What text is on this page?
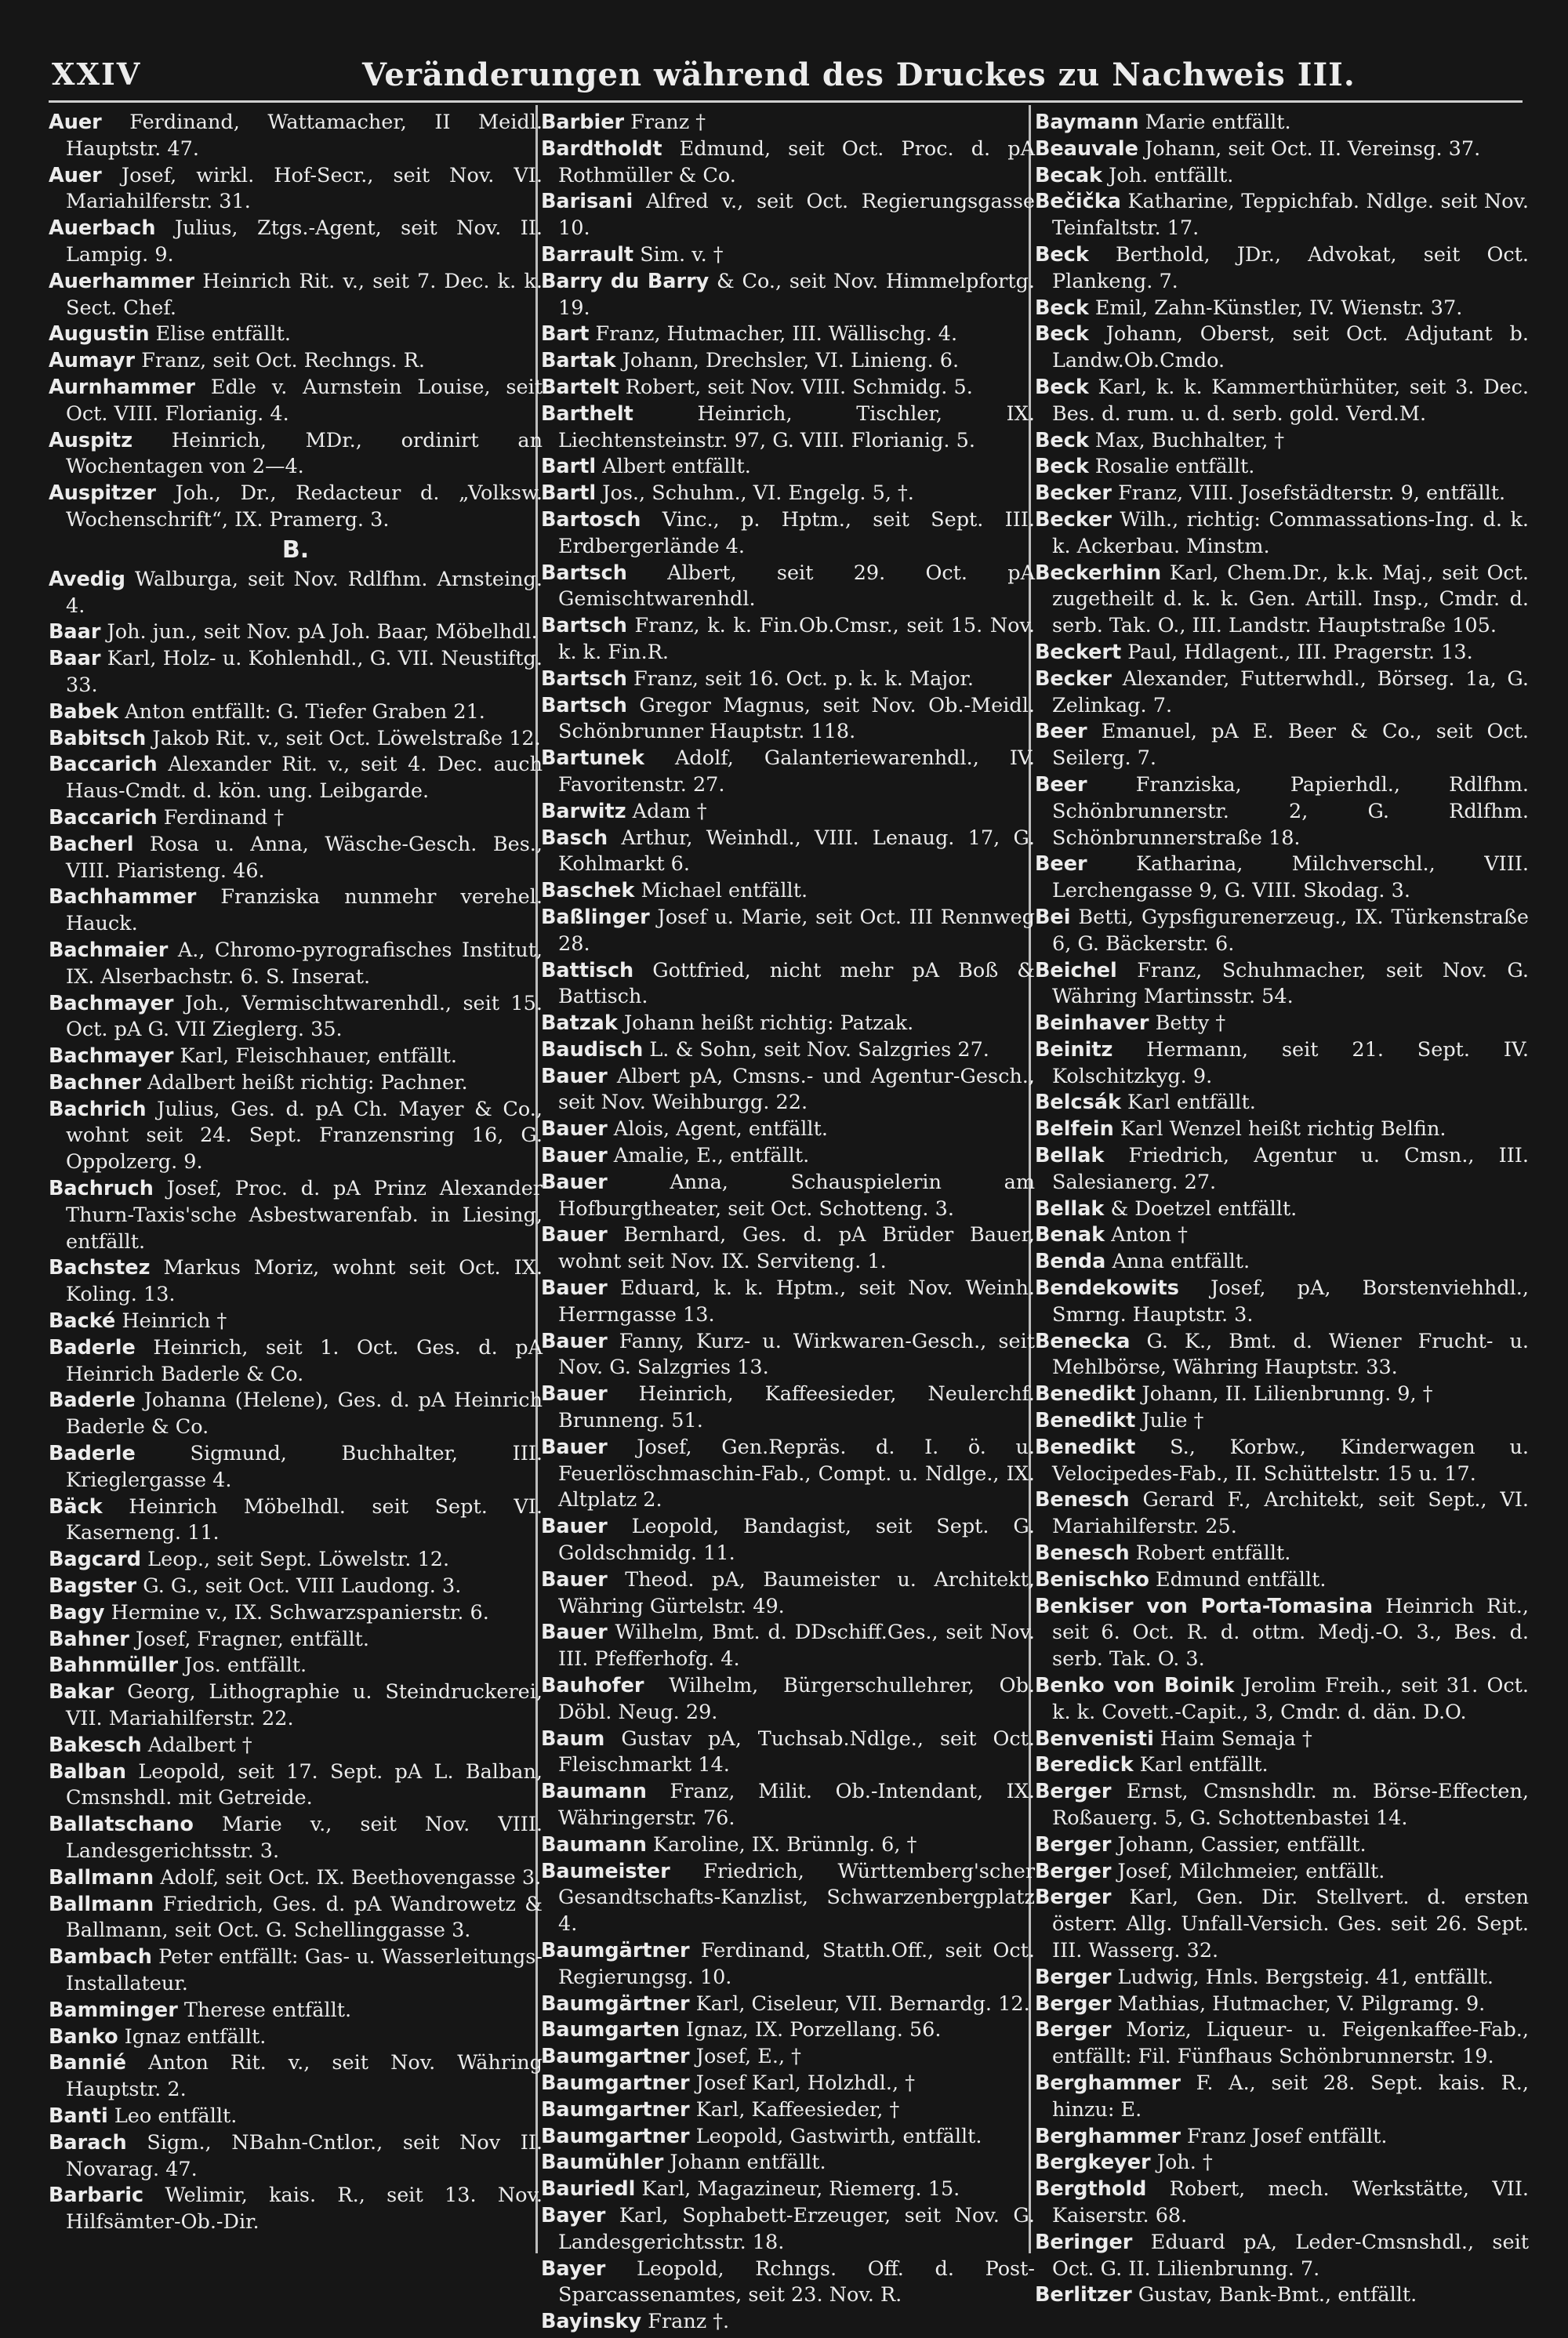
XXIV	Veränderungen während des Druckes zu Nachweis III.

Auer Ferdinand, Wattamacher, II Meidl. Hauptstr. 47.

Auer Josef, wirkl. Hof-Secr., seit Nov. VI. Mariahilferstr. 31.

Auerbach Julius, Ztgs.-Agent, seit Nov. II. Lampig. 9.

Auerhammer Heinrich Rit. v., seit 7. Dec. k. k. Sect. Chef.

Augustin Elise entfällt.

Aumayr Franz, seit Oct. Rechngs. R.

Aurnhammer Edle v. Aurnstein Louise, seit Oct. VIII. Florianig. 4.

Auspitz Heinrich, MDr., ordinirt an Wochentagen von 2—4.

Auspitzer Joh., Dr., Redacteur d. „Volksw. Wochenschrift“, IX. Pramerg. 3.

B.

Avedig Walburga, seit Nov. Rdlfhm. Arnsteing. 4.

Baar Joh. jun., seit Nov. pA Joh. Baar, Möbelhdl.

Baar Karl, Holz- u. Kohlenhdl., G. VII. Neustiftg. 33.

Babek Anton entfällt: G. Tiefer Graben 21.

Babitsch Jakob Rit. v., seit Oct. Löwelstraße 12.

Baccarich Alexander Rit. v., seit 4. Dec. auch Haus-Cmdt. d. kön. ung. Leibgarde.

Baccarich Ferdinand †

Bacherl Rosa u. Anna, Wäsche-Gesch. Bes., VIII. Piaristeng. 46.

Bachhammer Franziska nunmehr verehel. Hauck.

Bachmaier A., Chromo-pyrografisches Institut, IX. Alserbachstr. 6. S. Inserat.

Bachmayer Joh., Vermischtwarenhdl., seit 15. Oct. pA G. VII Zieglerg. 35.

Bachmayer Karl, Fleischhauer, entfällt.

Bachner Adalbert heißt richtig: Pachner.

Bachrich Julius, Ges. d. pA Ch. Mayer & Co., wohnt seit 24. Sept. Franzensring 16, G. Oppolzerg. 9.

Bachruch Josef, Proc. d. pA Prinz Alexander Thurn-Taxis'sche Asbestwarenfab. in Liesing, entfällt.

Bachstez Markus Moriz, wohnt seit Oct. IX. Koling. 13.

Backé Heinrich †

Baderle Heinrich, seit 1. Oct. Ges. d. pA Heinrich Baderle & Co.

Baderle Johanna (Helene), Ges. d. pA Heinrich Baderle & Co.

Baderle	Sigmund, Buchhalter, III. Krieglergasse 4.

Bäck Heinrich Möbelhdl. seit Sept. VI. Kaserneng. 11.

Bagcard Leop., seit Sept. Löwelstr. 12.

Bagster G. G., seit Oct. VIII Laudong. 3.

Bagy Hermine v., IX. Schwarzspanierstr. 6.

Bahner Josef, Fragner, entfällt.

Bahnmüller Jos. entfällt.

Bakar Georg, Lithographie u. Steindruckerei, VII. Mariahilferstr. 22.

Bakesch Adalbert †

Balban Leopold, seit 17. Sept. pA L. Balban, Cmsnshdl. mit Getreide.

Ballatschano Marie v., seit Nov. VIII. Landesgerichtsstr. 3.

Ballmann Adolf, seit Oct. IX. Beethovengasse 3.

Ballmann Friedrich, Ges. d. pA Wandrowetz & Ballmann, seit Oct. G. Schellinggasse 3.

Bambach Peter entfällt: Gas- u. Wasserleitungs-Installateur.

Bamminger Therese entfällt.

Banko Ignaz entfällt.

Bannié Anton Rit. v., seit Nov. Währing Hauptstr. 2.

Banti Leo entfällt.

Barach Sigm., NBahn-Cntlor., seit Nov II. Novarag. 47.

Barbaric Welimir, kais. R., seit 13. Nov. Hilfsämter-Ob.-Dir.

Barbier Franz †

Bardtholdt Edmund, seit Oct. Proc. d. pA Rothmüller & Co.

Barisani Alfred v., seit Oct. Regierungsgasse 10.

Barrault Sim. v. †

Barry du Barry & Co., seit Nov. Himmelpfortg. 19.

Bart Franz, Hutmacher, III. Wällischg. 4.

Bartak Johann, Drechsler, VI. Linieng. 6.

Bartelt Robert, seit Nov. VIII. Schmidg. 5.

Barthelt	Heinrich, Tischler, IX. Liechtensteinstr. 97, G. VIII. Florianig. 5.

Bartl Albert entfällt.

Bartl Jos., Schuhm., VI. Engelg. 5, †.

Bartosch Vinc., p. Hptm., seit Sept. III. Erdbergerlände 4.

Bartsch Albert, seit 29. Oct. pA Gemischtwarenhdl.

Bartsch Franz, k. k. Fin.Ob.Cmsr., seit 15. Nov. k. k. Fin.R.

Bartsch Franz, seit 16. Oct. p. k. k. Major.

Bartsch Gregor Magnus, seit Nov. Ob.-Meidl. Schönbrunner Hauptstr. 118.

Bartunek Adolf, Galanteriewarenhdl., IV. Favoritenstr. 27.

Barwitz Adam †

Basch Arthur, Weinhdl., VIII. Lenaug. 17, G. Kohlmarkt 6.

Baschek Michael entfällt.

Baßlinger Josef u. Marie, seit Oct. III Rennweg 28.

Battisch Gottfried, nicht mehr pA Boß & Battisch.

Batzak Johann heißt richtig: Patzak.

Baudisch L. & Sohn, seit Nov. Salzgries 27.

Bauer Albert pA, Cmsns.- und Agentur-Gesch., seit Nov. Weihburgg. 22.

Bauer Alois, Agent, entfällt.

Bauer Amalie, E., entfällt.

Bauer	Anna, Schauspielerin am Hofburgtheater, seit Oct. Schotteng. 3.

Bauer Bernhard, Ges. d. pA Brüder Bauer, wohnt seit Nov. IX. Serviteng. 1.

Bauer Eduard, k. k. Hptm., seit Nov. Weinh. Herrngasse 13.

Bauer Fanny, Kurz- u. Wirkwaren-Gesch., seit Nov. G. Salzgries 13.

Bauer Heinrich, Kaffeesieder, Neulerchf. Brunneng. 51.

Bauer Josef, Gen.Repräs. d. I. ö. u. Feuerlöschmaschin-Fab., Compt. u. Ndlge., IX. Altplatz 2.

Bauer Leopold, Bandagist, seit Sept. G. Goldschmidg. 11.

Bauer Theod. pA, Baumeister u. Architekt, Währing Gürtelstr. 49.

Bauer Wilhelm, Bmt. d. DDschiff.Ges., seit Nov. III. Pfefferhofg. 4.

Bauhofer Wilhelm, Bürgerschullehrer, Ob. Döbl. Neug. 29.

Baum Gustav pA, Tuchsab.Ndlge., seit Oct. Fleischmarkt 14.

Baumann Franz, Milit. Ob.-Intendant, IX. Währingerstr. 76.

Baumann Karoline, IX. Brünnlg. 6, †

Baumeister Friedrich, Württemberg'scher Gesandtschafts-Kanzlist, Schwarzenbergplatz 4.

Baumgärtner Ferdinand, Statth.Off., seit Oct. Regierungsg. 10.

Baumgärtner Karl, Ciseleur, VII. Bernardg. 12.

Baumgarten Ignaz, IX. Porzellang. 56.

Baumgartner Josef, E., †

Baumgartner Josef Karl, Holzhdl., †

Baumgartner Karl, Kaffeesieder, †

Baumgartner Leopold, Gastwirth, entfällt.

Baumühler Johann entfällt.

Bauriedl Karl, Magazineur, Riemerg. 15.

Bayer Karl, Sophabett-Erzeuger, seit Nov. G. Landesgerichtsstr. 18.

Bayer Leopold, Rchngs. Off. d. Post-Sparcassenamtes, seit 23. Nov. R.

Bayinsky Franz †.

Baymann Marie entfällt.

Beauvale Johann, seit Oct. II. Vereinsg. 37.

Becak Joh. entfällt.

Bečička Katharine, Teppichfab. Ndlge. seit Nov. Teinfaltstr. 17.

Beck Berthold, JDr., Advokat, seit Oct. Plankeng. 7.

Beck Emil, Zahn-Künstler, IV. Wienstr. 37.

Beck Johann, Oberst, seit Oct. Adjutant b. Landw.Ob.Cmdo.

Beck Karl, k. k. Kammerthürhüter, seit 3. Dec. Bes. d. rum. u. d. serb. gold. Verd.M.

Beck Max, Buchhalter, †

Beck Rosalie entfällt.

Becker Franz, VIII. Josefstädterstr. 9, entfällt.

Becker Wilh., richtig: Commassations-Ing. d. k. k. Ackerbau. Minstm.

Beckerhinn Karl, Chem.Dr., k.k. Maj., seit Oct. zugetheilt d. k. k. Gen. Artill. Insp., Cmdr. d. serb. Tak. O., III. Landstr. Hauptstraße 105.

Beckert Paul, Hdlagent., III. Pragerstr. 13.

Becker Alexander, Futterwhdl., Börseg. 1a, G. Zelinkag. 7.

Beer Emanuel, pA E. Beer & Co., seit Oct. Seilerg. 7.

Beer Franziska, Papierhdl., Rdlfhm. Schönbrunnerstr. 2, G. Rdlfhm. Schönbrunnerstraße 18.

Beer Katharina, Milchverschl., VIII. Lerchengasse 9, G. VIII. Skodag. 3.

Bei Betti, Gypsfigurenerzeug., IX. Türkenstraße 6, G. Bäckerstr. 6.

Beichel Franz, Schuhmacher, seit Nov. G. Währing Martinsstr. 54.

Beinhaver Betty †

Beinitz Hermann, seit 21. Sept. IV. Kolschitzkyg. 9.

Belcsák Karl entfällt.

Belfein Karl Wenzel heißt richtig Belfin.

Bellak Friedrich, Agentur u. Cmsn., III. Salesianerg. 27.

Bellak & Doetzel entfällt.

Benak Anton †

Benda Anna entfällt.

Bendekowits Josef, pA, Borstenviehhdl., Smrng. Hauptstr. 3.

Benecka G. K., Bmt. d. Wiener Frucht- u. Mehlbörse, Währing Hauptstr. 33.

Benedikt Johann, II. Lilienbrunng. 9, †

Benedikt Julie †

Benedikt S., Korbw., Kinderwagen u. Velocipedes-Fab., II. Schüttelstr. 15 u. 17.

Benesch Gerard F., Architekt, seit Sept., VI. Mariahilferstr. 25.

Benesch Robert entfällt.

Benischko Edmund entfällt.

Benkiser von Porta-Tomasina Heinrich Rit., seit 6. Oct. R. d. ottm. Medj.-O. 3., Bes. d. serb. Tak. O. 3.

Benko von Boinik Jerolim Freih., seit 31. Oct. k. k. Covett.-Capit., 3, Cmdr. d. dän. D.O.

Benvenisti Haim Semaja †

Beredick Karl entfällt.

Berger Ernst, Cmsnshdlr. m. Börse-Effecten, Roßauerg. 5, G. Schottenbastei 14.

Berger Johann, Cassier, entfällt.

Berger Josef, Milchmeier, entfällt.

Berger Karl, Gen. Dir. Stellvert. d. ersten österr. Allg. Unfall-Versich. Ges. seit 26. Sept. III. Wasserg. 32.

Berger Ludwig, Hnls. Bergsteig. 41, entfällt.

Berger Mathias, Hutmacher, V. Pilgramg. 9.

Berger Moriz, Liqueur- u. Feigenkaffee-Fab., entfällt: Fil. Fünfhaus Schönbrunnerstr. 19.

Berghammer F. A., seit 28. Sept. kais. R., hinzu: E.

Berghammer Franz Josef entfällt.

Bergkeyer Joh. †

Bergthold Robert, mech. Werkstätte, VII. Kaiserstr. 68.

Beringer Eduard pA, Leder-Cmsnshdl., seit Oct. G. II. Lilienbrunng. 7.

Berlitzer Gustav, Bank-Bmt., entfällt.
